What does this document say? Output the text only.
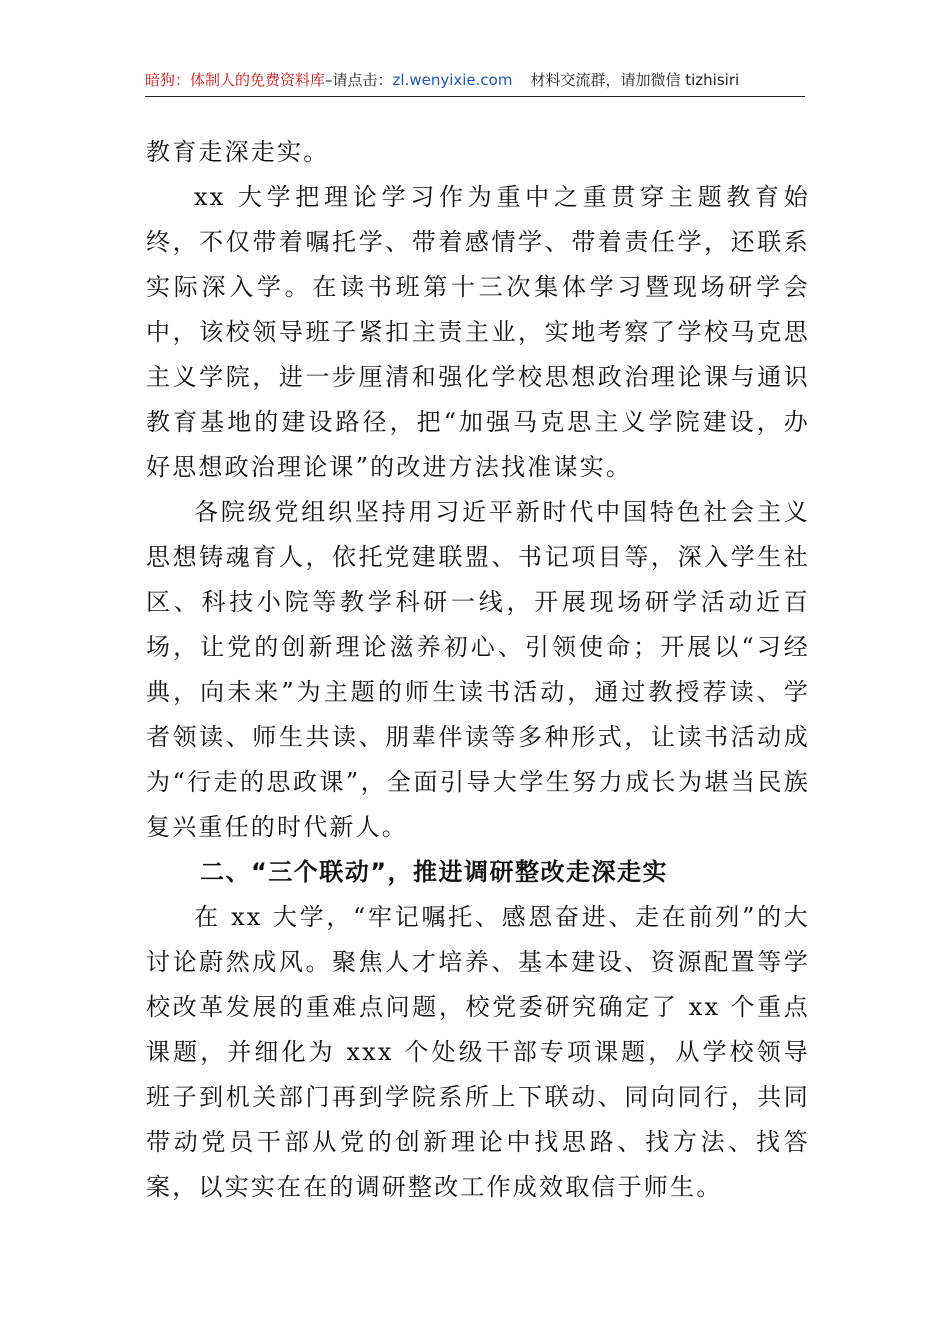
暗狗：体制人的免费资料库–请点击：zl.wenyixie.com 材料交流群，请加微信 tizhisiri

教育走深走实。

xx 大学把理论学习作为重中之重贯穿主题教育始终，不仅带着嘱托学、带着感情学、带着责任学，还联系实际深入学。在读书班第十三次集体学习暨现场研学会中，该校领导班子紧扣主责主业，实地考察了学校马克思主义学院，进一步厘清和强化学校思想政治理论课与通识教育基地的建设路径，把“加强马克思主义学院建设，办好思想政治理论课”的改进方法找准谋实。

各院级党组织坚持用习近平新时代中国特色社会主义思想铸魂育人，依托党建联盟、书记项目等，深入学生社区、科技小院等教学科研一线，开展现场研学活动近百场，让党的创新理论滋养初心、引领使命；开展以“习经典，向未来”为主题的师生读书活动，通过教授荐读、学者领读、师生共读、朋辈伴读等多种形式，让读书活动成为“行走的思政课”，全面引导大学生努力成长为堪当民族复兴重任的时代新人。

二、“三个联动”，推进调研整改走深走实

在 xx 大学，“牢记嘱托、感恩奋进、走在前列”的大讨论蔚然成风。聚焦人才培养、基本建设、资源配置等学校改革发展的重难点问题，校党委研究确定了 xx 个重点课题，并细化为 xxx 个处级干部专项课题，从学校领导班子到机关部门再到学院系所上下联动、同向同行，共同带动党员干部从党的创新理论中找思路、找方法、找答案，以实实在在的调研整改工作成效取信于师生。
